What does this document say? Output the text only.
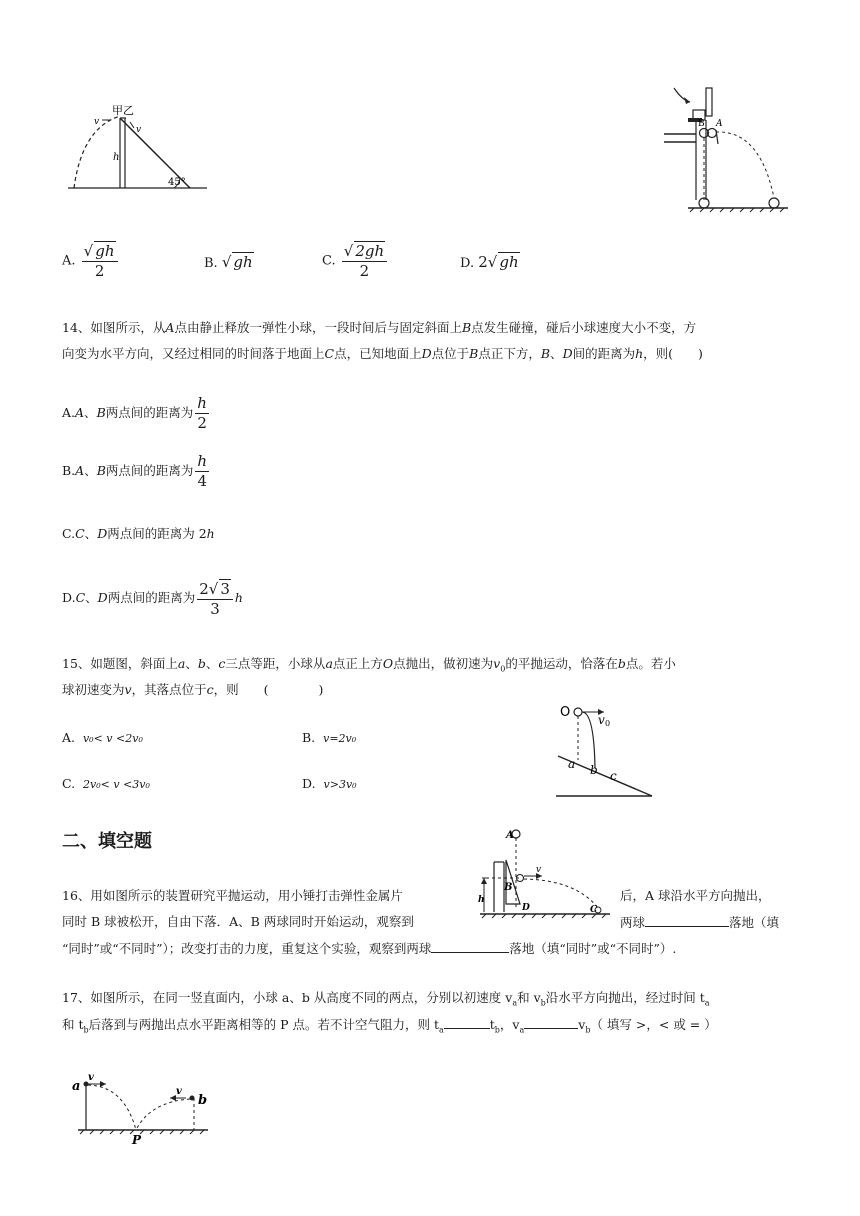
甲乙
v
v
h
45°
B A
A. $\frac{√ gh}{2}$	B. √ gh	C. $\frac{√ 2gh}{2}$	D. 2√ gh
14、如图所示，从A点由静止释放一弹性小球，一段时间后与固定斜面上B点发生碰撞，碰后小球速度大小不变，方
向变为水平方向，又经过相同的时间落于地面上C点，已知地面上D点位于B点正下方，B、D间的距离为h，则(　　)
A.A、B两点间的距离为 $\frac{h}{2}$
B.A、B两点间的距离为 $\frac{h}{4}$
C.C、D两点间的距离为 2h
D.C、D两点间的距离为 $\frac{2√ 3}{3}$ h
15、如题图，斜面上a、b、c三点等距，小球从a点正上方O点抛出，做初速为$v_0$的平抛运动，恰落在b点。若小
球初速变为v，其落点位于c，则　　(　　　　)
A. v₀< v <2v₀	B. v=2v₀
C. 2v₀< v <3v₀	D. v>3v₀
O v 0
a b c
二、填空题
16、用如图所示的装置研究平抛运动，用小锤打击弹性金属片	后，A 球沿水平方向抛出，
同时 B 球被松开，自由下落．A、B 两球同时开始运动，观察到	两球	落地（填
“同时”或“不同时”）；改变打击的力度，重复这个实验，观察到两球	落地（填“同时”或“不同时”）.
A
B
v
h
D	C
17、如图所示，在同一竖直面内，小球 a、b 从高度不同的两点，分别以初速度 $v_a$和 $v_b$沿水平方向抛出，经过时间 $t_a$
和 $t_b$后落到与两抛出点水平距离相等的 P 点。若不计空气阻力，则 $t_a$	$t_b$，$v_a$	$v_b$（ 填写 >，< 或 = ）
a
v
v
b
P
